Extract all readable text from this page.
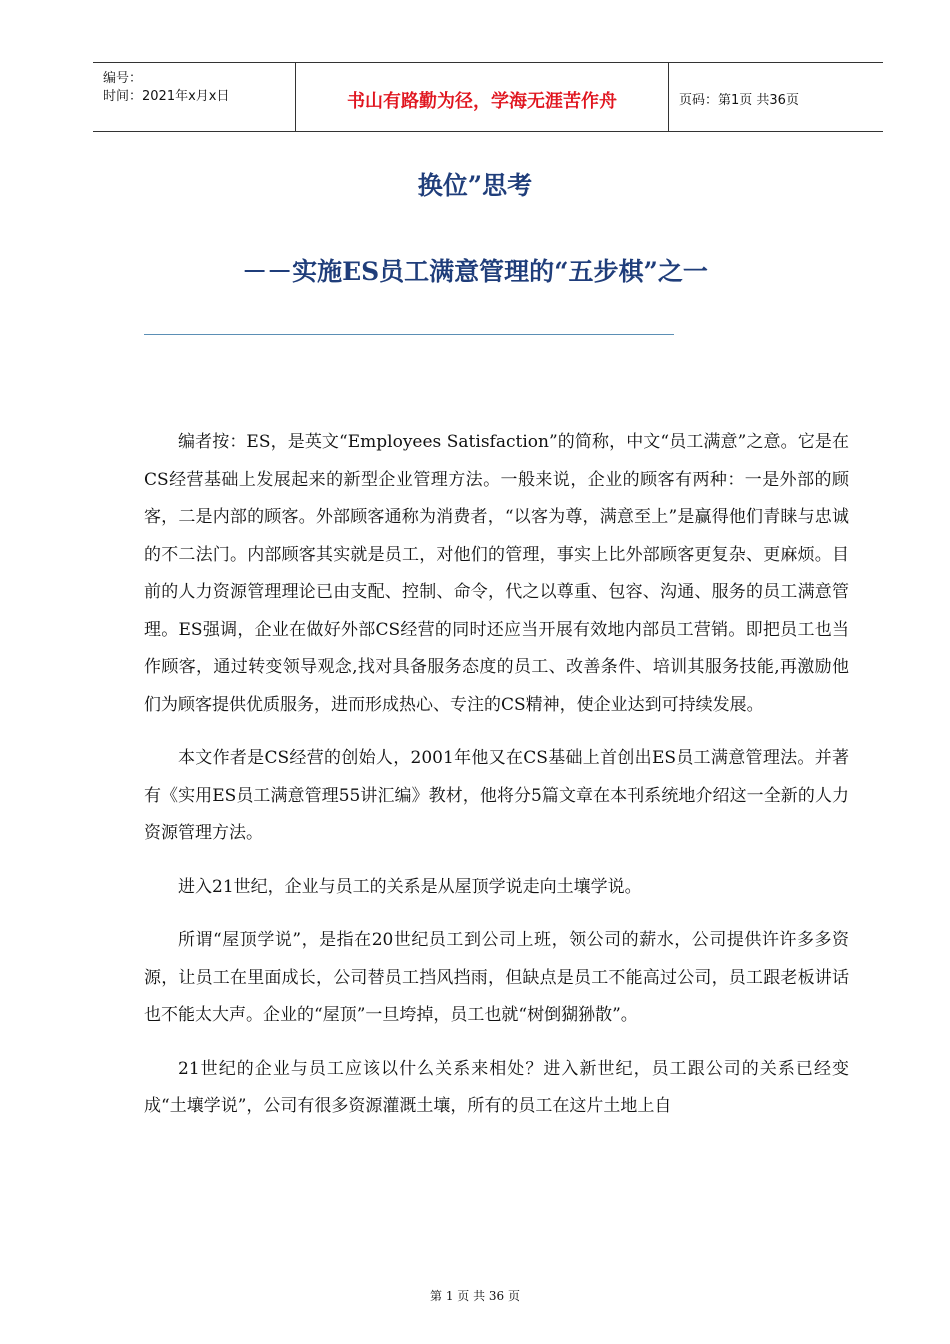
编号：
时间：2021年x月x日	书山有路勤为径，学海无涯苦作舟	页码：第1页 共36页
换位”思考
－－实施ES员工满意管理的“五步棋”之一

编者按：ES，是英文“Employees Satisfaction”的简称，中文“员工满意”之意。它是在CS经营基础上发展起来的新型企业管理方法。一般来说，企业的顾客有两种：一是外部的顾客，二是内部的顾客。外部顾客通称为消费者，“以客为尊，满意至上”是赢得他们青睐与忠诚的不二法门。内部顾客其实就是员工，对他们的管理，事实上比外部顾客更复杂、更麻烦。目前的人力资源管理理论已由支配、控制、命令，代之以尊重、包容、沟通、服务的员工满意管理。ES强调，企业在做好外部CS经营的同时还应当开展有效地内部员工营销。即把员工也当作顾客，通过转变领导观念,找对具备服务态度的员工、改善条件、培训其服务技能,再激励他们为顾客提供优质服务，进而形成热心、专注的CS精神，使企业达到可持续发展。

本文作者是CS经营的创始人，2001年他又在CS基础上首创出ES员工满意管理法。并著有《实用ES员工满意管理55讲汇编》教材，他将分5篇文章在本刊系统地介绍这一全新的人力资源管理方法。

进入21世纪，企业与员工的关系是从屋顶学说走向土壤学说。

所谓“屋顶学说”，是指在20世纪员工到公司上班，领公司的薪水，公司提供许许多多资源，让员工在里面成长，公司替员工挡风挡雨，但缺点是员工不能高过公司，员工跟老板讲话也不能太大声。企业的“屋顶”一旦垮掉，员工也就“树倒猢狲散”。

21世纪的企业与员工应该以什么关系来相处？进入新世纪，员工跟公司的关系已经变成“土壤学说”，公司有很多资源灌溉土壤，所有的员工在这片土地上自

第 1 页 共 36 页
